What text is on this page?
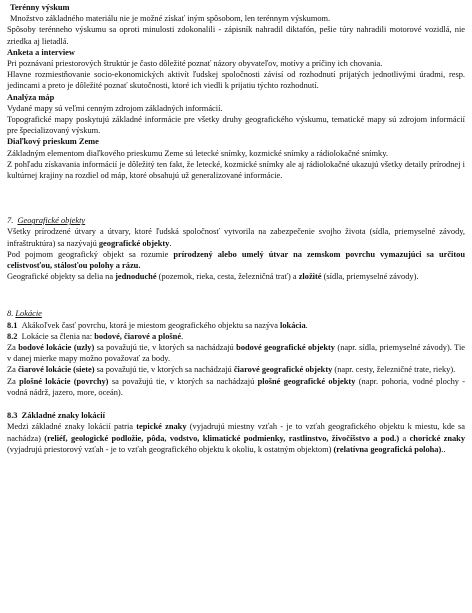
Terénny výskum

Množstvo základného materiálu nie je možné získať iným spôsobom, len terénnym výskumom.

Spôsoby terénneho výskumu sa oproti minulosti zdokonalili - zápisník nahradil diktafón, pešie túry nahradili motorové vozidlá, nie zriedka aj lietadlá.

Anketa a interview

Pri poznávaní priestorových štruktúr je často dôležité poznať názory obyvateľov, motívy a príčiny ich chovania.

Hlavne rozmiestňovanie socio-ekonomických aktivít ľudskej spoločnosti závisí od rozhodnutí prijatých jednotlivými úradmi, resp. jedincami a preto je dôležité poznať skutočnosti, ktoré ich viedli k prijatiu týchto rozhodnutí.

Analýza máp

Vydané mapy sú veľmi cenným zdrojom základných informácií.

Topografické mapy poskytujú základné informácie pre všetky druhy geografického výskumu, tematické mapy sú zdrojom informácií pre špecializovaný výskum.

Diaľkový prieskum Zeme

Základným elementom diaľkového prieskumu Zeme sú letecké snímky, kozmické snímky a rádiolokačné snímky.

Z pohľadu získavania informácií je dôležitý ten fakt, že letecké, kozmické snímky ale aj rádiolokačné ukazujú všetky detaily prírodnej i kultúrnej krajiny na rozdiel od máp, ktoré obsahujú už generalizované informácie.

7. Geografické objekty

Všetky prírodzené útvary a útvary, ktoré ľudská spoločnosť vytvorila na zabezpečenie svojho života (sídla, priemyselné závody, infraštruktúra) sa nazývajú geografické objekty.

Pod pojmom geografický objekt sa rozumie prírodzený alebo umelý útvar na zemskom povrchu vymazujúci sa určitou celistvosťou, stálosťou polohy a rázu.

Geografické objekty sa delia na jednoduché (pozemok, rieka, cesta, železničná trať) a zložité (sídla, priemyselné závody).

8. Lokácie

8.1 Akákoľvek časť povrchu, ktorá je miestom geografického objektu sa nazýva lokácia.

8.2 Lokácie sa členia na: bodové, čiarové a plošné.

Za bodové lokácie (uzly) sa považujú tie, v ktorých sa nachádzajú bodové geografické objekty (napr. sídla, priemyselné závody). Tie v danej mierke mapy možno považovať za body.

Za čiarové lokácie (siete) sa považujú tie, v ktorých sa nachádzajú čiarové geografické objekty (napr. cesty, železničné trate, rieky).

Za plošné lokácie (povrchy) sa považujú tie, v ktorých sa nachádzajú plošné geografické objekty (napr. pohoria, vodné plochy - vodná nádrž, jazero, more, oceán).

8.3 Základné znaky lokácií

Medzi základné znaky lokácií patria tepické znaky (vyjadrujú miestny vzťah - je to vzťah geografického objektu k miestu, kde sa nachádza) (reliéf, geologické podložie, pôda, vodstvo, klimatické podmienky, rastlinstvo, živočíšstvo a pod.) a chorické znaky (vyjadrujú priestorový vzťah - je to vzťah geografického objektu k okoliu, k ostatným objektom) (relatívna geografická poloha)..
